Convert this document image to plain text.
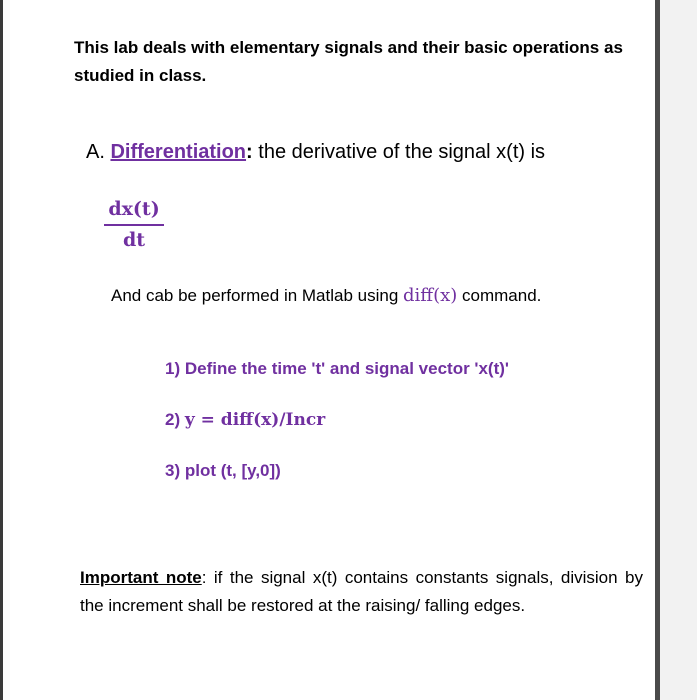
This lab deals with elementary signals and their basic operations as studied in class.
A. Differentiation: the derivative of the signal x(t) is
$\frac{dx(t)}{dt}$
And cab be performed in Matlab using diff(x) command.
1) Define the time 't' and signal vector 'x(t)'
2) y = diff(x)/Incr
3) plot (t, [y,0])
Important note: if the signal x(t) contains constants signals, division by the increment shall be restored at the raising/ falling edges.
